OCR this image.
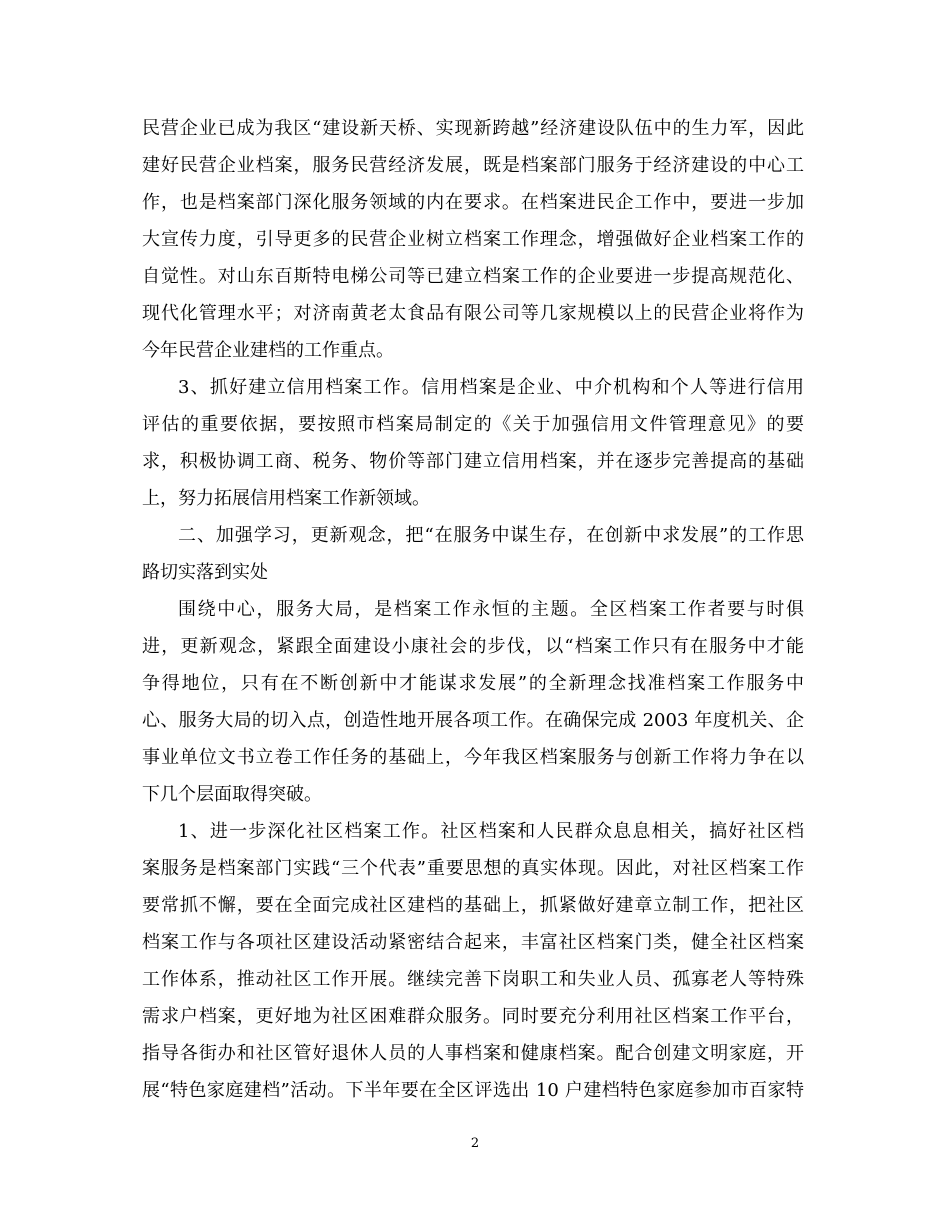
民营企业已成为我区“建设新天桥、实现新跨越”经济建设队伍中的生力军，因此
建好民营企业档案，服务民营经济发展，既是档案部门服务于经济建设的中心工
作，也是档案部门深化服务领域的内在要求。在档案进民企工作中，要进一步加
大宣传力度，引导更多的民营企业树立档案工作理念，增强做好企业档案工作的
自觉性。对山东百斯特电梯公司等已建立档案工作的企业要进一步提高规范化、
现代化管理水平；对济南黄老太食品有限公司等几家规模以上的民营企业将作为
今年民营企业建档的工作重点。
3、抓好建立信用档案工作。信用档案是企业、中介机构和个人等进行信用
评估的重要依据，要按照市档案局制定的《关于加强信用文件管理意见》的要
求，积极协调工商、税务、物价等部门建立信用档案，并在逐步完善提高的基础
上，努力拓展信用档案工作新领域。
二、加强学习，更新观念，把“在服务中谋生存，在创新中求发展”的工作思
路切实落到实处
围绕中心，服务大局，是档案工作永恒的主题。全区档案工作者要与时俱
进，更新观念，紧跟全面建设小康社会的步伐，以“档案工作只有在服务中才能
争得地位，只有在不断创新中才能谋求发展”的全新理念找准档案工作服务中
心、服务大局的切入点，创造性地开展各项工作。在确保完成 2003 年度机关、企
事业单位文书立卷工作任务的基础上，今年我区档案服务与创新工作将力争在以
下几个层面取得突破。
1、进一步深化社区档案工作。社区档案和人民群众息息相关，搞好社区档
案服务是档案部门实践“三个代表”重要思想的真实体现。因此，对社区档案工作
要常抓不懈，要在全面完成社区建档的基础上，抓紧做好建章立制工作，把社区
档案工作与各项社区建设活动紧密结合起来，丰富社区档案门类，健全社区档案
工作体系，推动社区工作开展。继续完善下岗职工和失业人员、孤寡老人等特殊
需求户档案，更好地为社区困难群众服务。同时要充分利用社区档案工作平台，
指导各街办和社区管好退休人员的人事档案和健康档案。配合创建文明家庭，开
展“特色家庭建档”活动。下半年要在全区评选出 10 户建档特色家庭参加市百家特
2
